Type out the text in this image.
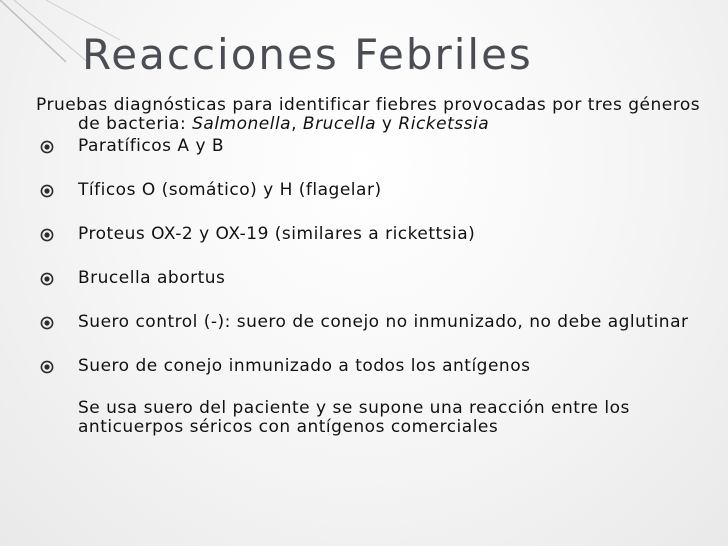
Reacciones Febriles

Pruebas diagnósticas para identificar fiebres provocadas por tres géneros de bacteria: Salmonella, Brucella y Ricketssia

Paratíficos A y B
Tíficos O (somático) y H (flagelar)
Proteus OX-2 y OX-19 (similares a rickettsia)
Brucella abortus
Suero control (-): suero de conejo no inmunizado, no debe aglutinar
Suero de conejo inmunizado a todos los antígenos

Se usa suero del paciente y se supone una reacción entre los anticuerpos séricos con antígenos comerciales
